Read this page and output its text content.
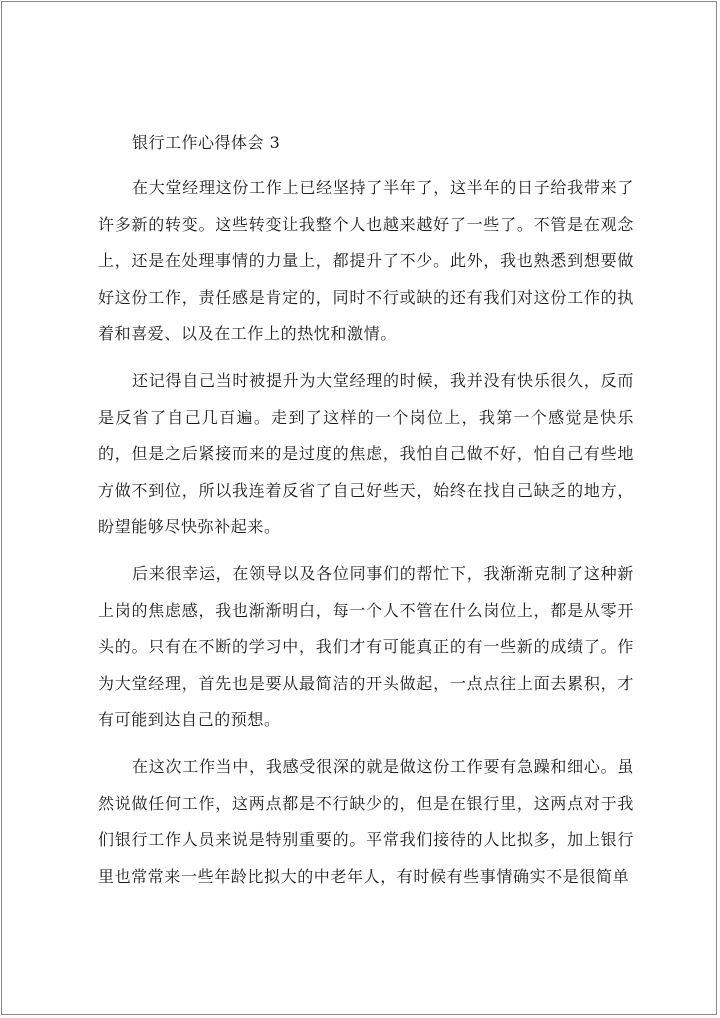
银行工作心得体会 3

在大堂经理这份工作上已经坚持了半年了，这半年的日子给我带来了许多新的转变。这些转变让我整个人也越来越好了一些了。不管是在观念上，还是在处理事情的力量上，都提升了不少。此外，我也熟悉到想要做好这份工作，责任感是肯定的，同时不行或缺的还有我们对这份工作的执着和喜爱、以及在工作上的热忱和激情。

还记得自己当时被提升为大堂经理的时候，我并没有快乐很久，反而是反省了自己几百遍。走到了这样的一个岗位上，我第一个感觉是快乐的，但是之后紧接而来的是过度的焦虑，我怕自己做不好，怕自己有些地方做不到位，所以我连着反省了自己好些天，始终在找自己缺乏的地方，盼望能够尽快弥补起来。

后来很幸运，在领导以及各位同事们的帮忙下，我渐渐克制了这种新上岗的焦虑感，我也渐渐明白，每一个人不管在什么岗位上，都是从零开头的。只有在不断的学习中，我们才有可能真正的有一些新的成绩了。作为大堂经理，首先也是要从最简洁的开头做起，一点点往上面去累积，才有可能到达自己的预想。

在这次工作当中，我感受很深的就是做这份工作要有急躁和细心。虽然说做任何工作，这两点都是不行缺少的，但是在银行里，这两点对于我们银行工作人员来说是特别重要的。平常我们接待的人比拟多，加上银行里也常常来一些年龄比拟大的中老年人，有时候有些事情确实不是很简单
